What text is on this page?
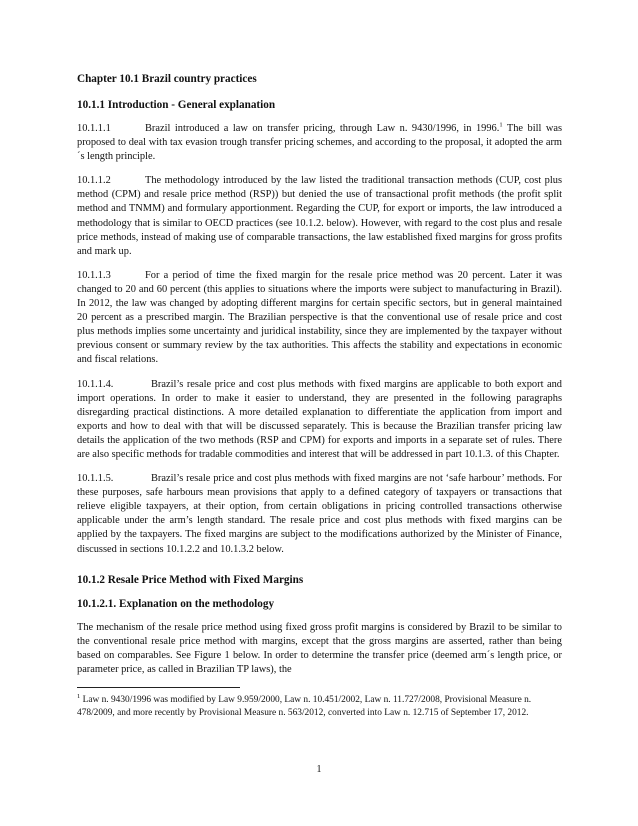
Chapter 10.1 Brazil country practices
10.1.1 Introduction - General explanation

10.1.1.1	Brazil introduced a law on transfer pricing, through Law n. 9430/1996, in 1996.$^1$ The bill was proposed to deal with tax evasion trough transfer pricing schemes, and according to the proposal, it adopted the arm´s length principle.

10.1.1.2	The methodology introduced by the law listed the traditional transaction methods (CUP, cost plus method (CPM) and resale price method (RSP)) but denied the use of transactional profit methods (the profit split method and TNMM) and formulary apportionment. Regarding the CUP, for export or imports, the law introduced a methodology that is similar to OECD practices (see 10.1.2. below). However, with regard to the cost plus and resale price methods, instead of making use of comparable transactions, the law established fixed margins for gross profits and mark up.

10.1.1.3	For a period of time the fixed margin for the resale price method was 20 percent. Later it was changed to 20 and 60 percent (this applies to situations where the imports were subject to manufacturing in Brazil). In 2012, the law was changed by adopting different margins for certain specific sectors, but in general maintained 20 percent as a prescribed margin. The Brazilian perspective is that the conventional use of resale price and cost plus methods implies some uncertainty and juridical instability, since they are implemented by the taxpayer without previous consent or summary review by the tax authorities. This affects the stability and expectations in economic and fiscal relations.

10.1.1.4.	Brazil’s resale price and cost plus methods with fixed margins are applicable to both export and import operations. In order to make it easier to understand, they are presented in the following paragraphs disregarding practical distinctions. A more detailed explanation to differentiate the application from import and exports and how to deal with that will be discussed separately. This is because the Brazilian transfer pricing law details the application of the two methods (RSP and CPM) for exports and imports in a separate set of rules. There are also specific methods for tradable commodities and interest that will be addressed in part 10.1.3. of this Chapter.

10.1.1.5.	Brazil’s resale price and cost plus methods with fixed margins are not ‘safe harbour’ methods. For these purposes, safe harbours mean provisions that apply to a defined category of taxpayers or transactions that relieve eligible taxpayers, at their option, from certain obligations in pricing controlled transactions otherwise applicable under the arm’s length standard. The resale price and cost plus methods with fixed margins can be applied by the taxpayers. The fixed margins are subject to the modifications authorized by the Minister of Finance, discussed in sections 10.1.2.2 and 10.1.3.2 below.

10.1.2 Resale Price Method with Fixed Margins
10.1.2.1. Explanation on the methodology

The mechanism of the resale price method using fixed gross profit margins is considered by Brazil to be similar to the conventional resale price method with margins, except that the gross margins are asserted, rather than being based on comparables. See Figure 1 below. In order to determine the transfer price (deemed arm´s length price, or parameter price, as called in Brazilian TP laws), the

$^1$ Law n. 9430/1996 was modified by Law 9.959/2000, Law n. 10.451/2002, Law n. 11.727/2008, Provisional Measure n. 478/2009, and more recently by Provisional Measure n. 563/2012, converted into Law n. 12.715 of September 17, 2012.

1
